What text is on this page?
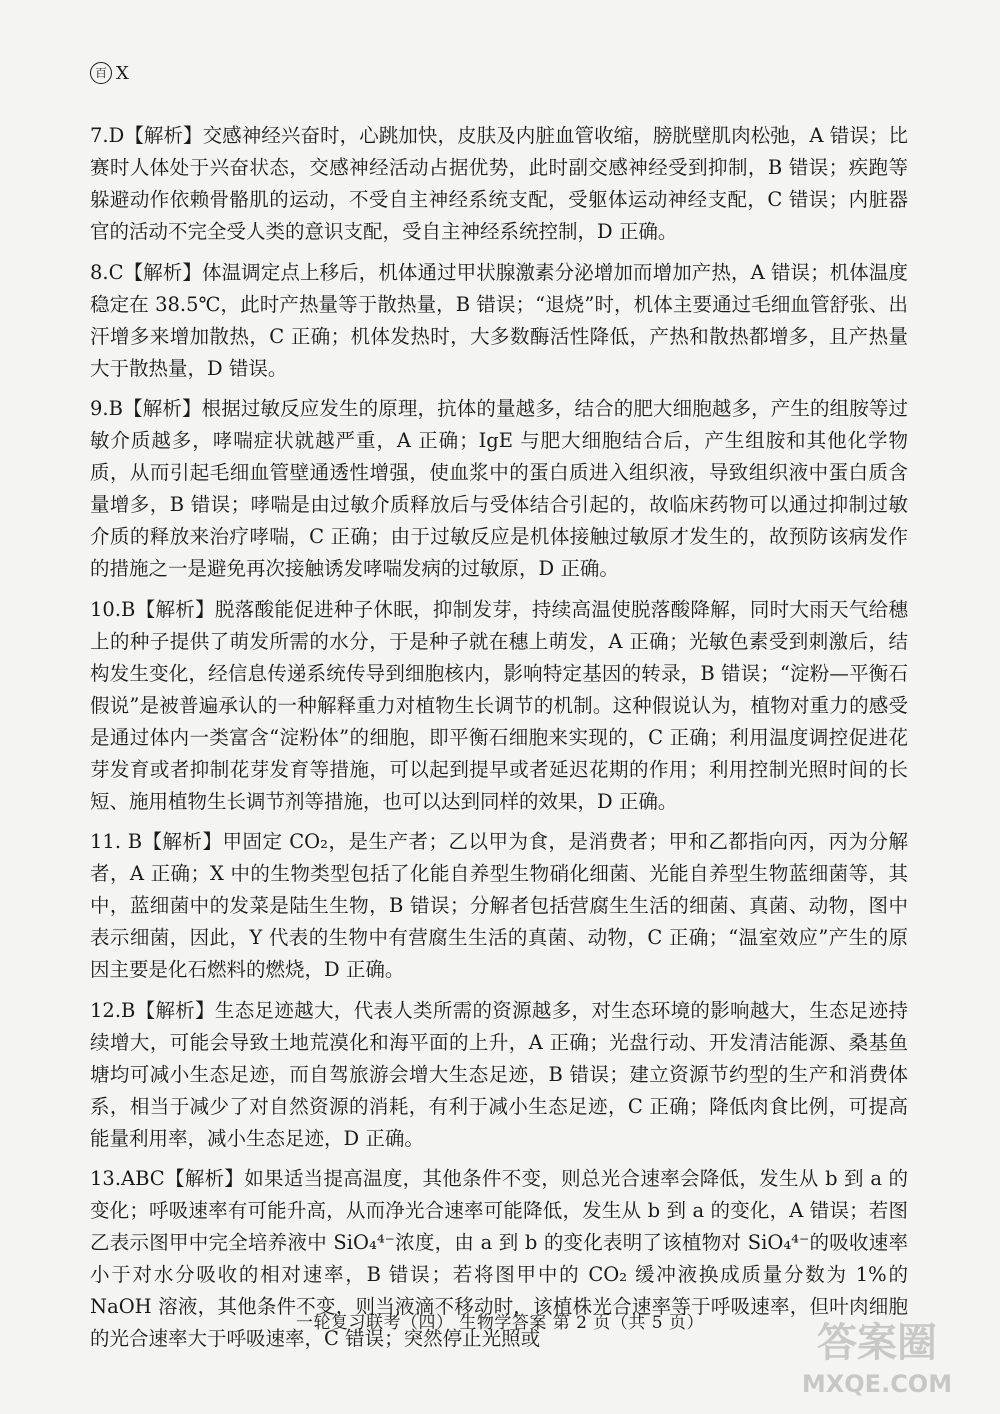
百 X

7.D【解析】交感神经兴奋时，心跳加快，皮肤及内脏血管收缩，膀胱壁肌肉松弛，A 错误；比赛时人体处于兴奋状态，交感神经活动占据优势，此时副交感神经受到抑制，B 错误；疾跑等躲避动作依赖骨骼肌的运动，不受自主神经系统支配，受躯体运动神经支配，C 错误；内脏器官的活动不完全受人类的意识支配，受自主神经系统控制，D 正确。

8.C【解析】体温调定点上移后，机体通过甲状腺激素分泌增加而增加产热，A 错误；机体温度稳定在 38.5℃，此时产热量等于散热量，B 错误；“退烧”时，机体主要通过毛细血管舒张、出汗增多来增加散热，C 正确；机体发热时，大多数酶活性降低，产热和散热都增多，且产热量大于散热量，D 错误。

9.B【解析】根据过敏反应发生的原理，抗体的量越多，结合的肥大细胞越多，产生的组胺等过敏介质越多，哮喘症状就越严重，A 正确；IgE 与肥大细胞结合后，产生组胺和其他化学物质，从而引起毛细血管壁通透性增强，使血浆中的蛋白质进入组织液，导致组织液中蛋白质含量增多，B 错误；哮喘是由过敏介质释放后与受体结合引起的，故临床药物可以通过抑制过敏介质的释放来治疗哮喘，C 正确；由于过敏反应是机体接触过敏原才发生的，故预防该病发作的措施之一是避免再次接触诱发哮喘发病的过敏原，D 正确。

10.B【解析】脱落酸能促进种子休眠，抑制发芽，持续高温使脱落酸降解，同时大雨天气给穗上的种子提供了萌发所需的水分，于是种子就在穗上萌发，A 正确；光敏色素受到刺激后，结构发生变化，经信息传递系统传导到细胞核内，影响特定基因的转录，B 错误；“淀粉—平衡石假说”是被普遍承认的一种解释重力对植物生长调节的机制。这种假说认为，植物对重力的感受是通过体内一类富含“淀粉体”的细胞，即平衡石细胞来实现的，C 正确；利用温度调控促进花芽发育或者抑制花芽发育等措施，可以起到提早或者延迟花期的作用；利用控制光照时间的长短、施用植物生长调节剂等措施，也可以达到同样的效果，D 正确。

11. B【解析】甲固定 CO₂，是生产者；乙以甲为食，是消费者；甲和乙都指向丙，丙为分解者，A 正确；X 中的生物类型包括了化能自养型生物硝化细菌、光能自养型生物蓝细菌等，其中，蓝细菌中的发菜是陆生生物，B 错误；分解者包括营腐生生活的细菌、真菌、动物，图中表示细菌，因此，Y 代表的生物中有营腐生生活的真菌、动物，C 正确；“温室效应”产生的原因主要是化石燃料的燃烧，D 正确。

12.B【解析】生态足迹越大，代表人类所需的资源越多，对生态环境的影响越大，生态足迹持续增大，可能会导致土地荒漠化和海平面的上升，A 正确；光盘行动、开发清洁能源、桑基鱼塘均可减小生态足迹，而自驾旅游会增大生态足迹，B 错误；建立资源节约型的生产和消费体系，相当于减少了对自然资源的消耗，有利于减小生态足迹，C 正确；降低肉食比例，可提高能量利用率，减小生态足迹，D 正确。

13.ABC【解析】如果适当提高温度，其他条件不变，则总光合速率会降低，发生从 b 到 a 的变化；呼吸速率有可能升高，从而净光合速率可能降低，发生从 b 到 a 的变化，A 错误；若图乙表示图甲中完全培养液中 SiO₄⁴⁻浓度，由 a 到 b 的变化表明了该植物对 SiO₄⁴⁻的吸收速率小于对水分吸收的相对速率，B 错误；若将图甲中的 CO₂ 缓冲液换成质量分数为 1%的 NaOH 溶液，其他条件不变，则当液滴不移动时，该植株光合速率等于呼吸速率，但叶肉细胞的光合速率大于呼吸速率，C 错误；突然停止光照或

一轮复习联考（四） 生物学答案 第 2 页（共 5 页）	答案圈
MXQE.COM
